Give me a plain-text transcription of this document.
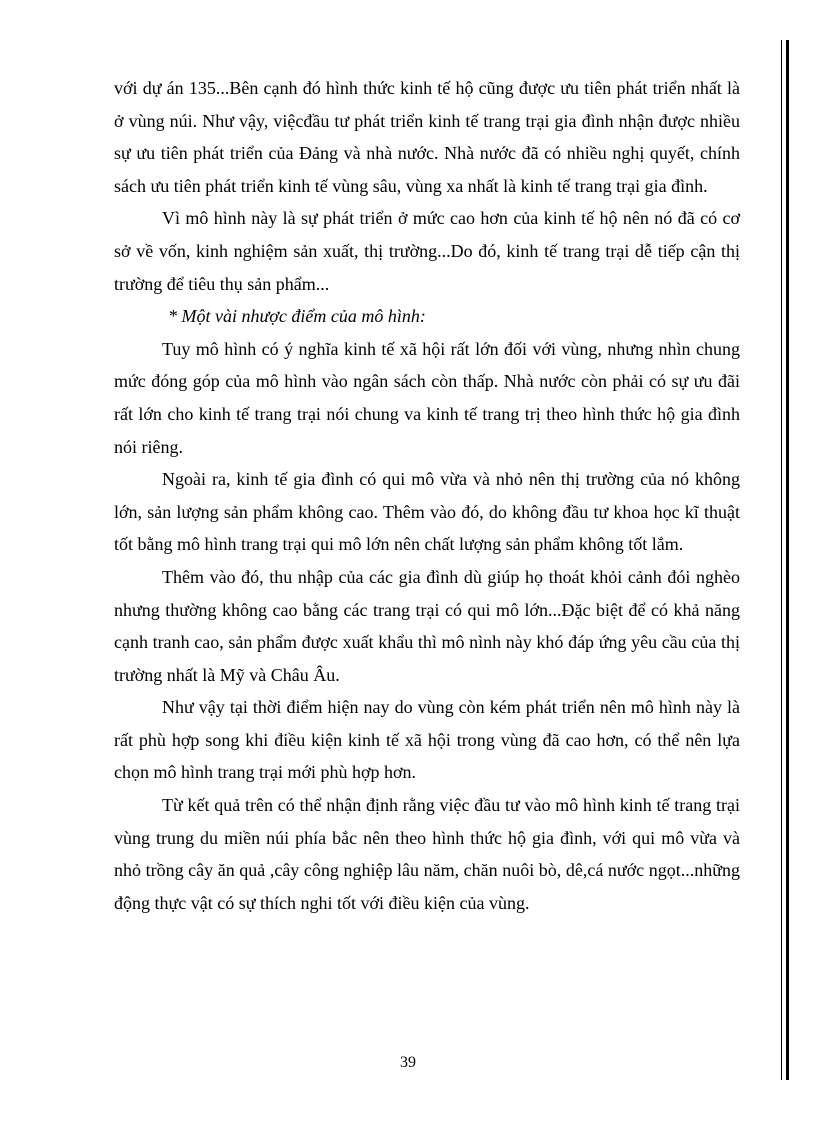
với dự án 135...Bên cạnh đó hình thức kinh tế hộ cũng được ưu tiên phát triển nhất là ở vùng núi. Như vậy, việcđầu tư phát triển kinh tế trang trại gia đình nhận được nhiều sự ưu tiên phát triển của Đảng và nhà nước. Nhà nước đã có nhiều nghị quyết, chính sách ưu tiên phát triển kinh tế vùng sâu, vùng xa nhất là kinh tế trang trại gia đình.

Vì mô hình này là sự phát triển ở mức cao hơn của kinh tế hộ nên nó đã có cơ sở về vốn, kinh nghiệm sản xuất, thị trường...Do đó, kinh tế trang trại dễ tiếp cận thị trường để tiêu thụ sản phẩm...

* Một vài nhược điểm của mô hình:

Tuy mô hình có ý nghĩa kinh tế xã hội rất lớn đối với vùng, nhưng nhìn chung mức đóng góp của mô hình vào ngân sách còn thấp. Nhà nước còn phải có sự ưu đãi rất lớn cho kinh tế trang trại nói chung va kinh tế trang trị theo hình thức hộ gia đình nói riêng.

Ngoài ra, kinh tế gia đình có qui mô vừa và nhỏ nên thị trường của nó không lớn, sản lượng sản phẩm không cao. Thêm vào đó, do không đầu tư khoa học kĩ thuật tốt bằng mô hình trang trại qui mô lớn nên chất lượng sản phẩm không tốt lắm.

Thêm vào đó, thu nhập của các gia đình dù giúp họ thoát khỏi cảnh đói nghèo nhưng thường không cao bằng các trang trại có qui mô lớn...Đặc biệt để có khả năng cạnh tranh cao, sản phẩm được xuất khẩu thì mô nình này khó đáp ứng yêu cầu của thị trường nhất là Mỹ và Châu Âu.

Như vậy tại thời điểm hiện nay do vùng còn kém phát triển nên mô hình này là rất phù hợp song khi điều kiện kinh tế xã hội trong vùng đã cao hơn, có thể nên lựa chọn mô hình trang trại mới phù hợp hơn.

Từ kết quả trên có thể nhận định rằng việc đầu tư vào mô hình kinh tế trang trại vùng trung du miền núi phía bắc nên theo hình thức hộ gia đình, với qui mô vừa và nhỏ trồng cây ăn quả ,cây công nghiệp lâu năm, chăn nuôi bò, dê,cá nước ngọt...những động thực vật có sự thích nghi tốt với điều kiện của vùng.

39
